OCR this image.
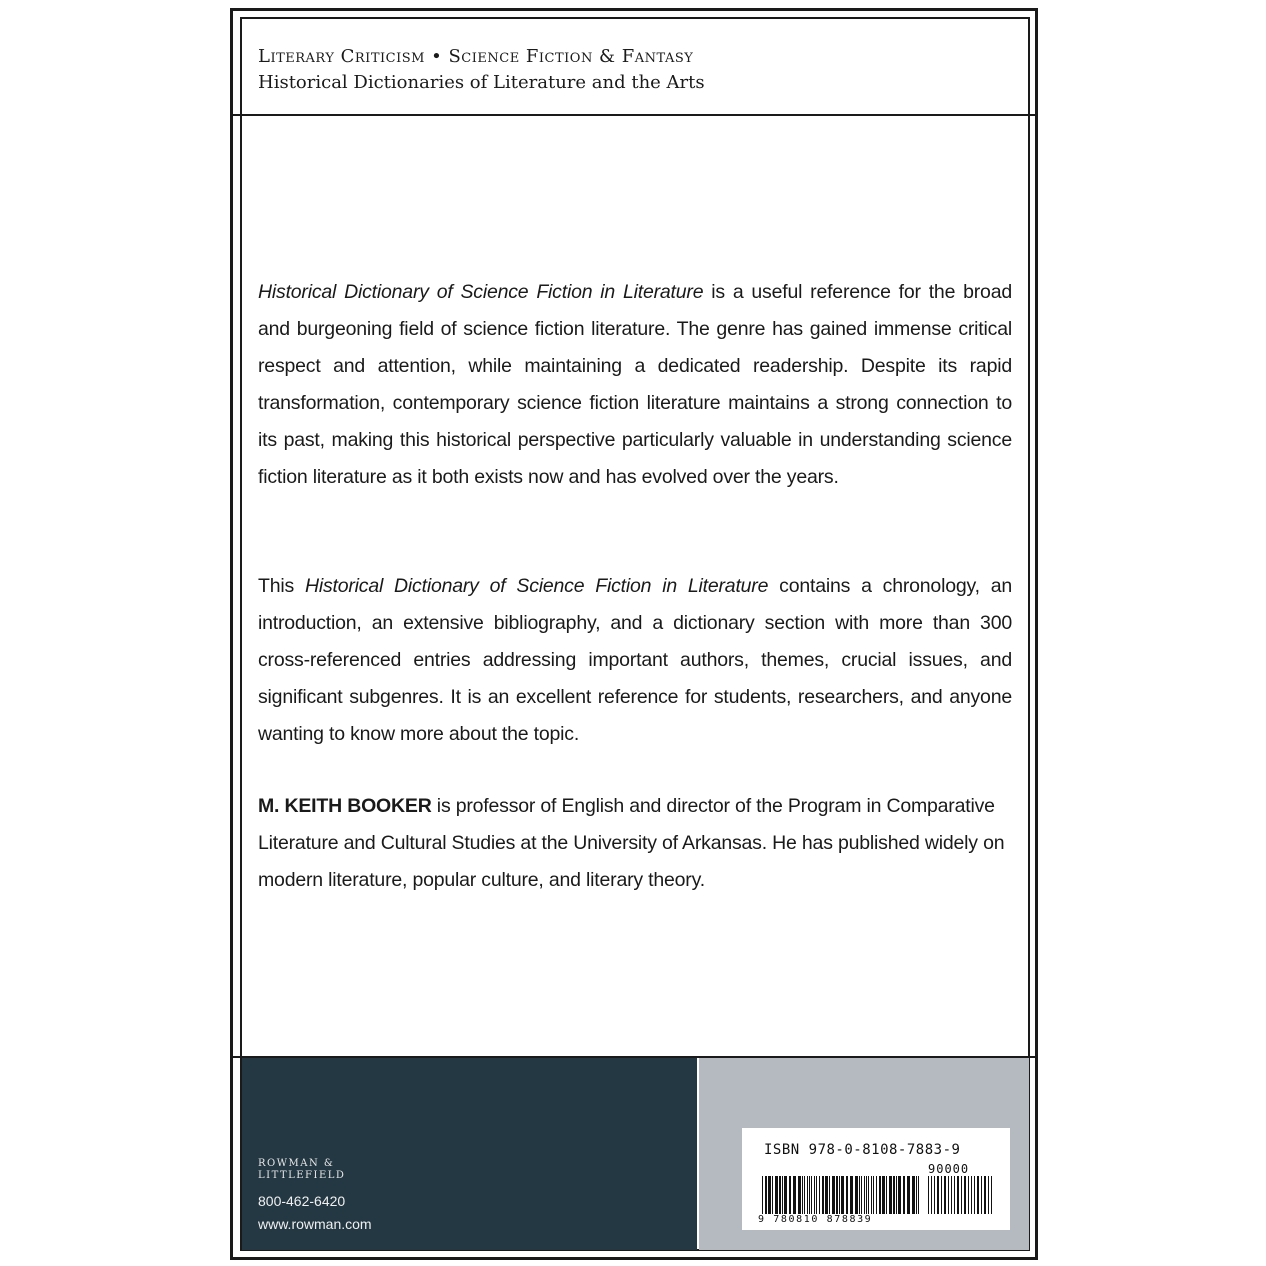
Literary Criticism • Science Fiction & Fantasy
Historical Dictionaries of Literature and the Arts
Historical Dictionary of Science Fiction in Literature is a useful reference for the broad and burgeoning field of science fiction literature. The genre has gained immense critical respect and attention, while maintaining a dedicated readership. Despite its rapid transformation, contemporary science fiction literature maintains a strong connection to its past, making this historical perspective particularly valuable in understanding science fiction literature as it both exists now and has evolved over the years.
This Historical Dictionary of Science Fiction in Literature contains a chronology, an introduction, an extensive bibliography, and a dictionary section with more than 300 cross-referenced entries addressing important authors, themes, crucial issues, and significant subgenres. It is an excellent reference for students, researchers, and anyone wanting to know more about the topic.
M. KEITH BOOKER is professor of English and director of the Program in Comparative Literature and Cultural Studies at the University of Arkansas. He has published widely on modern literature, popular culture, and literary theory.
ROWMAN &
LITTLEFIELD
800-462-6420
www.rowman.com
ISBN 978-0-8108-7883-9
90000
9 780810 878839
